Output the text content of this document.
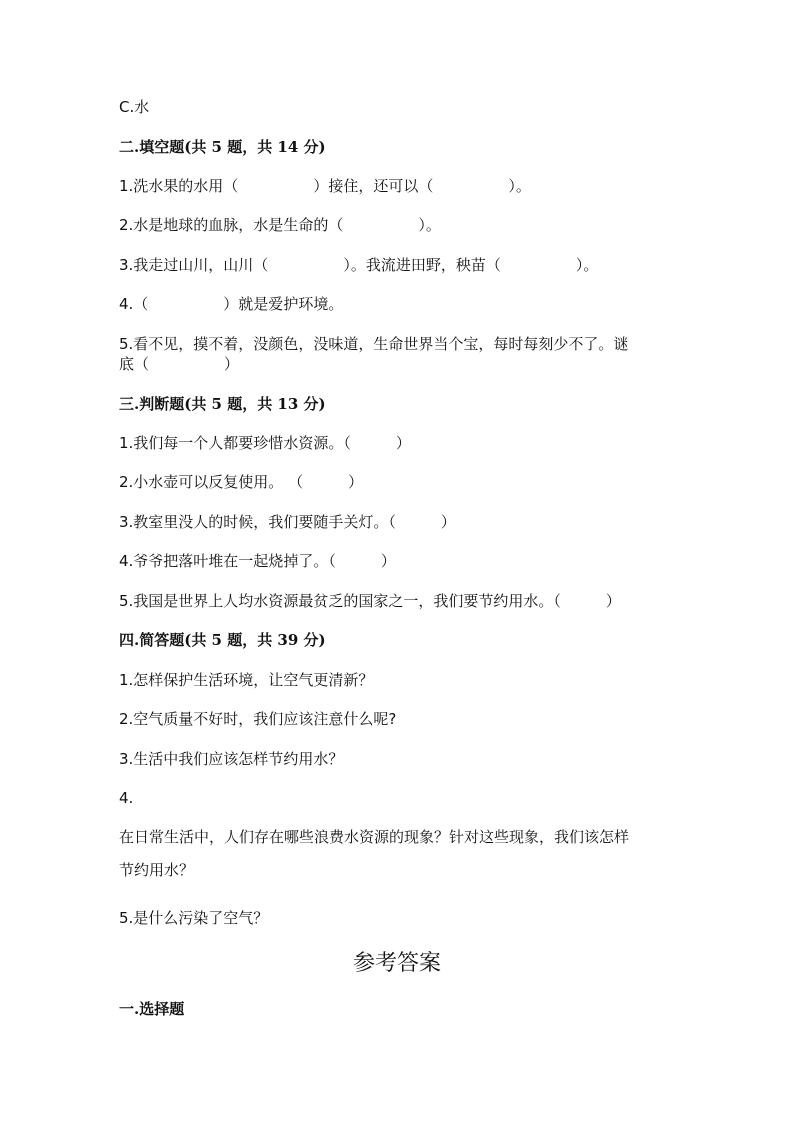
C.水
二.填空题(共 5 题，共 14 分)
1.洗水果的水用（　　　　　）接住，还可以（　　　　　）。
2.水是地球的血脉，水是生命的（　　　　　）。
3.我走过山川，山川（　　　　　）。我流进田野，秧苗（　　　　　）。
4.（　　　　　）就是爱护环境。
5.看不见，摸不着，没颜色，没味道，生命世界当个宝，每时每刻少不了。谜
底（　　　　　）
三.判断题(共 5 题，共 13 分)
1.我们每一个人都要珍惜水资源。（　　　）
2.小水壶可以反复使用。 （　　　）
3.教室里没人的时候，我们要随手关灯。（　　　）
4.爷爷把落叶堆在一起烧掉了。（　　　）
5.我国是世界上人均水资源最贫乏的国家之一，我们要节约用水。（　　　）
四.简答题(共 5 题，共 39 分)
1.怎样保护生活环境，让空气更清新？
2.空气质量不好时，我们应该注意什么呢?
3.生活中我们应该怎样节约用水？
4.
在日常生活中，人们存在哪些浪费水资源的现象？针对这些现象，我们该怎样
节约用水？
5.是什么污染了空气？
参考答案
一.选择题
